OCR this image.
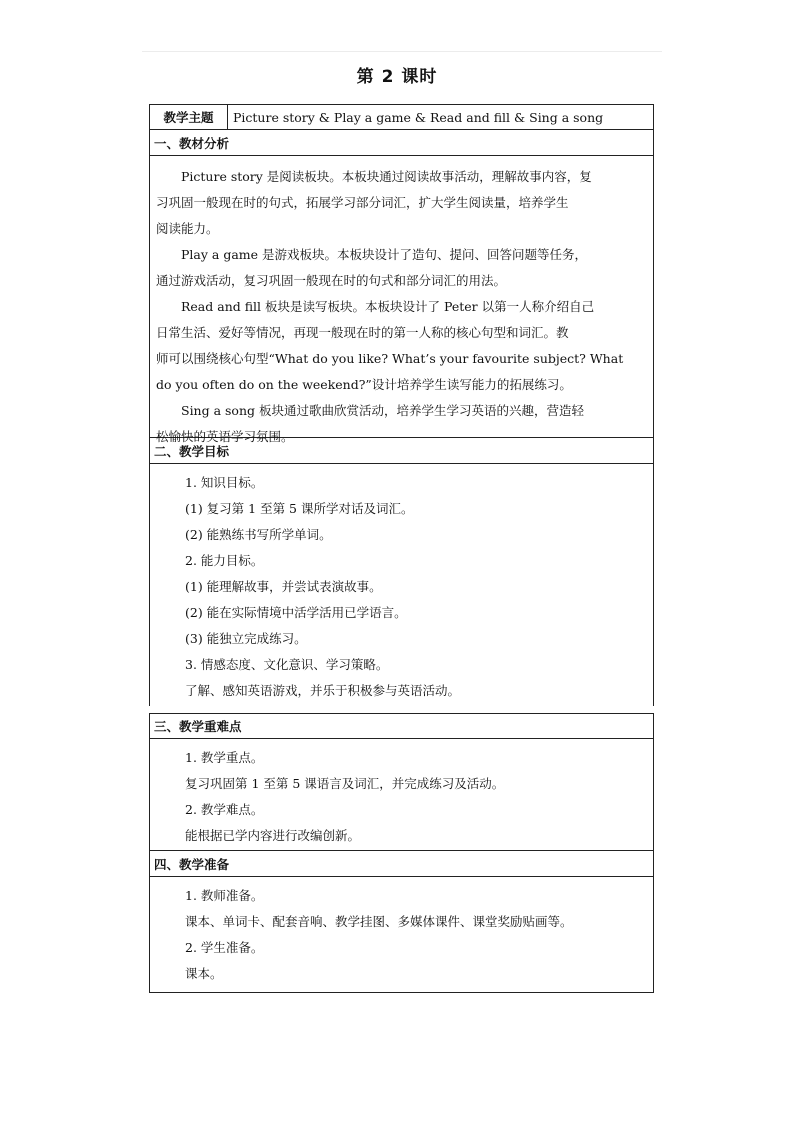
第 2 课时
教学主题	Picture story & Play a game & Read and fill & Sing a song
一、教材分析
Picture story 是阅读板块。本板块通过阅读故事活动，理解故事内容，复
习巩固一般现在时的句式，拓展学习部分词汇，扩大学生阅读量，培养学生
阅读能力。
Play a game 是游戏板块。本板块设计了造句、提问、回答问题等任务，
通过游戏活动，复习巩固一般现在时的句式和部分词汇的用法。
Read and fill 板块是读写板块。本板块设计了 Peter 以第一人称介绍自己
日常生活、爱好等情况，再现一般现在时的第一人称的核心句型和词汇。教
师可以围绕核心句型“What do you like? What’s your favourite subject? What
do you often do on the weekend?”设计培养学生读写能力的拓展练习。
Sing a song 板块通过歌曲欣赏活动，培养学生学习英语的兴趣，营造轻
松愉快的英语学习氛围。
二、教学目标
1. 知识目标。
(1) 复习第 1 至第 5 课所学对话及词汇。
(2) 能熟练书写所学单词。
2. 能力目标。
(1) 能理解故事，并尝试表演故事。
(2) 能在实际情境中活学活用已学语言。
(3) 能独立完成练习。
3. 情感态度、文化意识、学习策略。
了解、感知英语游戏，并乐于积极参与英语活动。
三、教学重难点
1. 教学重点。
复习巩固第 1 至第 5 课语言及词汇，并完成练习及活动。
2. 教学难点。
能根据已学内容进行改编创新。
四、教学准备
1. 教师准备。
课本、单词卡、配套音响、教学挂图、多媒体课件、课堂奖励贴画等。
2. 学生准备。
课本。
